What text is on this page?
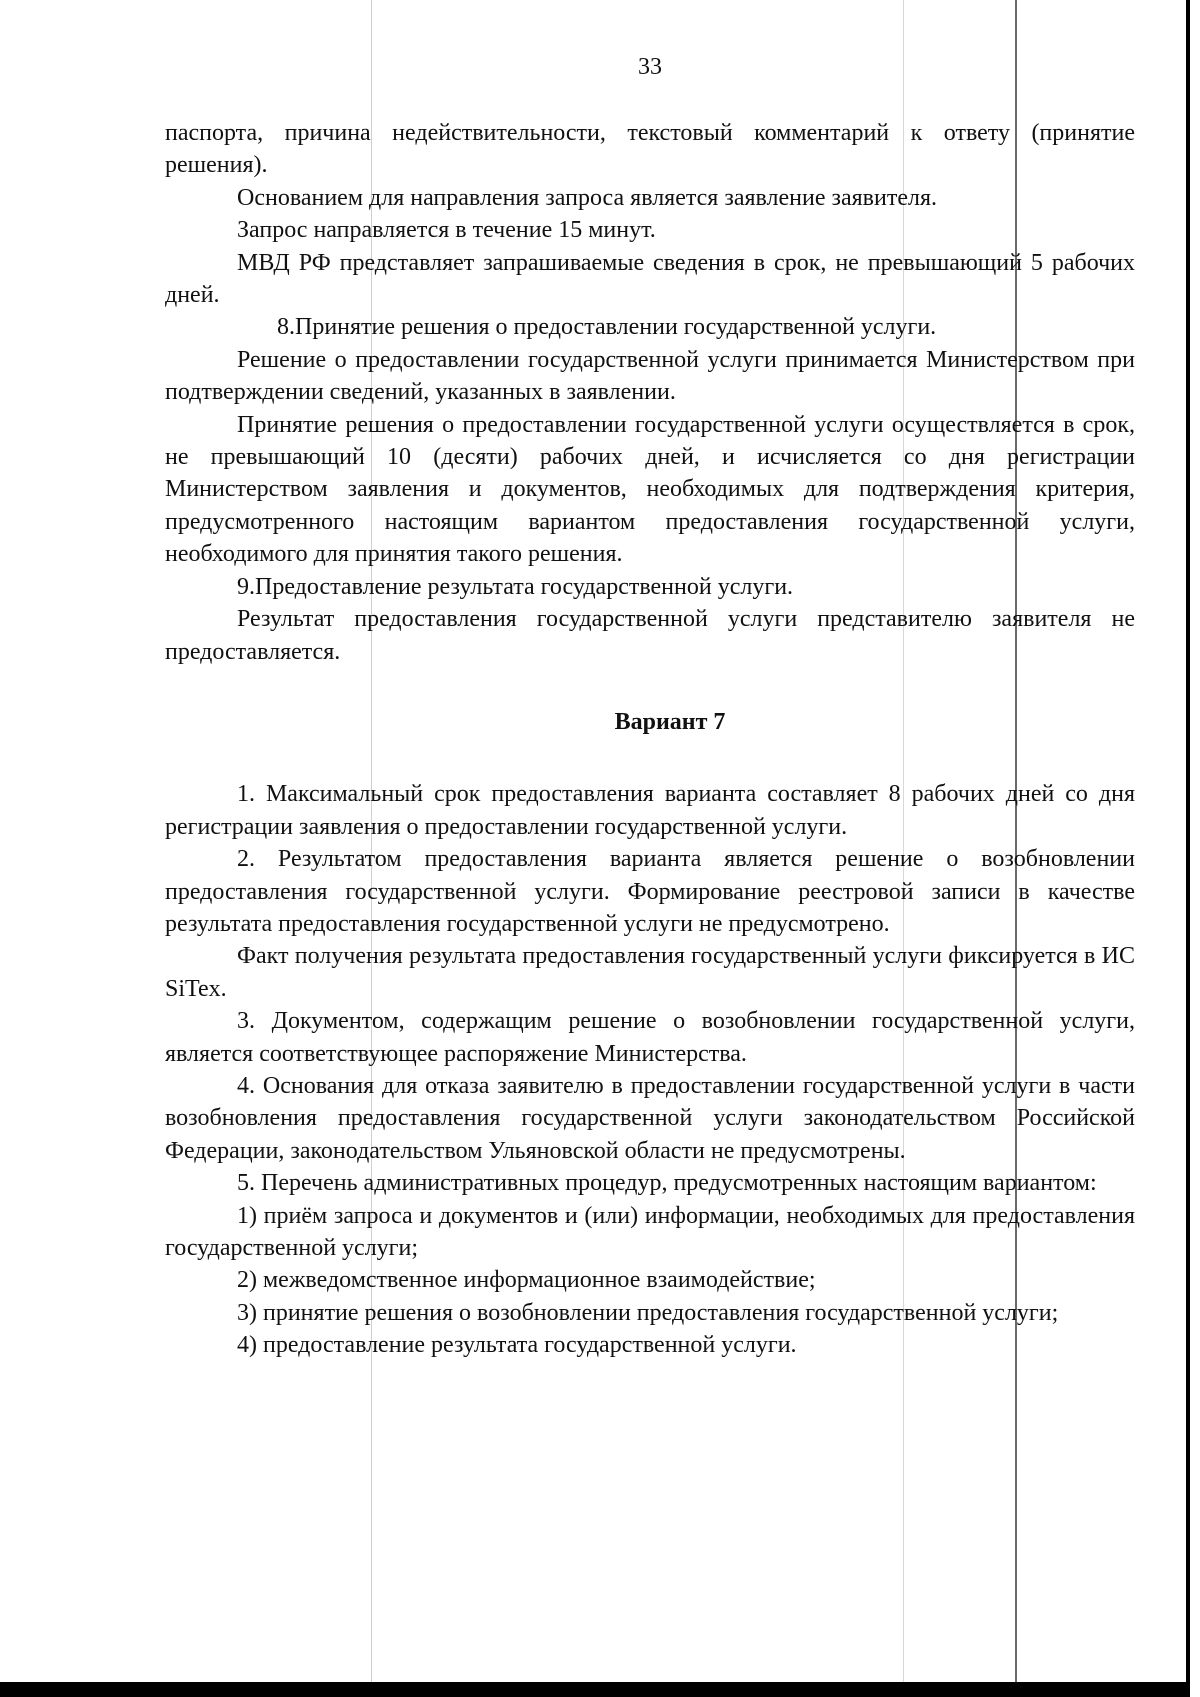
33

паспорта, причина недействительности, текстовый комментарий к ответу (принятие решения).

Основанием для направления запроса является заявление заявителя.

Запрос направляется в течение 15 минут.

МВД РФ представляет запрашиваемые сведения в срок, не превышающий 5 рабочих дней.

8.Принятие решения о предоставлении государственной услуги.

Решение о предоставлении государственной услуги принимается Министерством при подтверждении сведений, указанных в заявлении.

Принятие решения о предоставлении государственной услуги осуществляется в срок, не превышающий 10 (десяти) рабочих дней, и исчисляется со дня регистрации Министерством заявления и документов, необходимых для подтверждения критерия, предусмотренного настоящим вариантом предоставления государственной услуги, необходимого для принятия такого решения.

9.Предоставление результата государственной услуги.

Результат предоставления государственной услуги представителю заявителя не предоставляется.

Вариант 7

1. Максимальный срок предоставления варианта составляет 8 рабочих дней со дня регистрации заявления о предоставлении государственной услуги.

2. Результатом предоставления варианта является решение о возобновлении предоставления государственной услуги. Формирование реестровой записи в качестве результата предоставления государственной услуги не предусмотрено.

Факт получения результата предоставления государственный услуги фиксируется в ИС SiTex.

3. Документом, содержащим решение о возобновлении государственной услуги, является соответствующее распоряжение Министерства.

4. Основания для отказа заявителю в предоставлении государственной услуги в части возобновления предоставления государственной услуги законодательством Российской Федерации, законодательством Ульяновской области не предусмотрены.

5. Перечень административных процедур, предусмотренных настоящим вариантом:

1) приём запроса и документов и (или) информации, необходимых для предоставления государственной услуги;

2) межведомственное информационное взаимодействие;

3) принятие решения о возобновлении предоставления государственной услуги;

4) предоставление результата государственной услуги.
